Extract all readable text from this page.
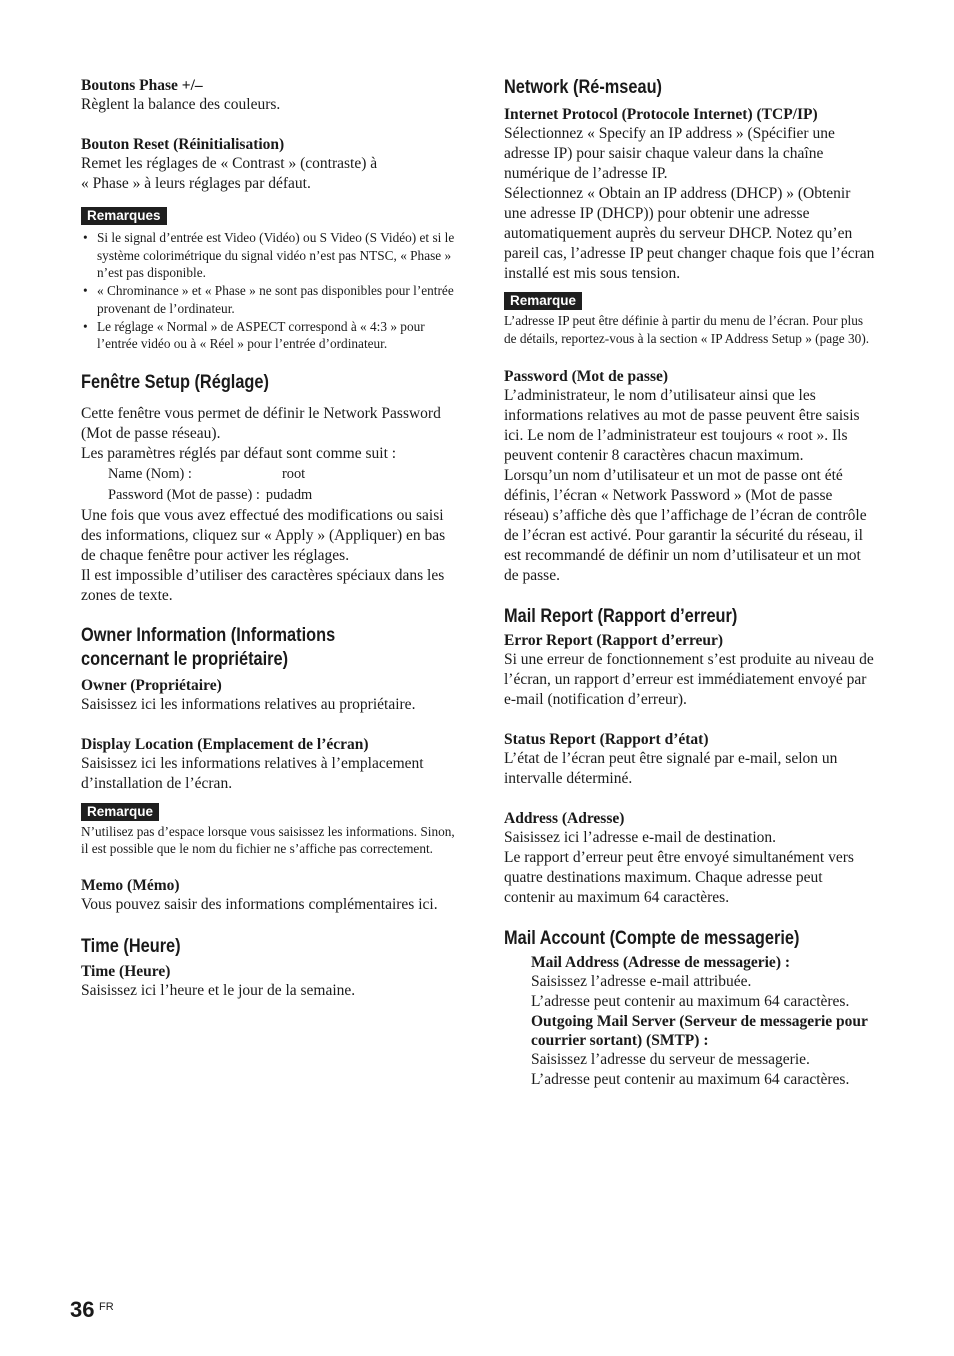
Boutons Phase +/–

Règlent la balance des couleurs.

Bouton Reset (Réinitialisation)

Remet les réglages de « Contrast » (contraste) à

« Phase » à leurs réglages par défaut.

Remarques
• Si le signal d’entrée est Video (Vidéo) ou S Video (S Vidéo) et si le système colorimétrique du signal vidéo n’est pas NTSC, « Phase » n’est pas disponible.
• « Chrominance » et « Phase » ne sont pas disponibles pour l’entrée provenant de l’ordinateur.
• Le réglage « Normal » de ASPECT correspond à « 4:3 » pour l’entrée vidéo ou à « Réel » pour l’entrée d’ordinateur.

Fenêtre Setup (Réglage)

Cette fenêtre vous permet de définir le Network Password (Mot de passe réseau).

Les paramètres réglés par défaut sont comme suit :

Name (Nom) :	root
Password (Mot de passe) : pudadm

Une fois que vous avez effectué des modifications ou saisi des informations, cliquez sur « Apply » (Appliquer) en bas de chaque fenêtre pour activer les réglages.

Il est impossible d’utiliser des caractères spéciaux dans les zones de texte.

Owner Information (Informations

concernant le propriétaire)

Owner (Propriétaire)

Saisissez ici les informations relatives au propriétaire.

Display Location (Emplacement de l’écran)

Saisissez ici les informations relatives à l’emplacement d’installation de l’écran.

Remarque

N’utilisez pas d’espace lorsque vous saisissez les informations. Sinon, il est possible que le nom du fichier ne s’affiche pas correctement.

Memo (Mémo)

Vous pouvez saisir des informations complémentaires ici.

Time (Heure)

Time (Heure)

Saisissez ici l’heure et le jour de la semaine.

Network (Ré-mseau)

Internet Protocol (Protocole Internet) (TCP/IP)

Sélectionnez « Specify an IP address » (Spécifier une adresse IP) pour saisir chaque valeur dans la chaîne numérique de l’adresse IP.

Sélectionnez « Obtain an IP address (DHCP) » (Obtenir une adresse IP (DHCP)) pour obtenir une adresse automatiquement auprès du serveur DHCP. Notez qu’en pareil cas, l’adresse IP peut changer chaque fois que l’écran installé est mis sous tension.

Remarque

L’adresse IP peut être définie à partir du menu de l’écran. Pour plus de détails, reportez-vous à la section « IP Address Setup » (page 30).

Password (Mot de passe)

L’administrateur, le nom d’utilisateur ainsi que les informations relatives au mot de passe peuvent être saisis ici. Le nom de l’administrateur est toujours « root ». Ils peuvent contenir 8 caractères chacun maximum.

Lorsqu’un nom d’utilisateur et un mot de passe ont été définis, l’écran « Network Password » (Mot de passe réseau) s’affiche dès que l’affichage de l’écran de contrôle de l’écran est activé. Pour garantir la sécurité du réseau, il est recommandé de définir un nom d’utilisateur et un mot de passe.

Mail Report (Rapport d’erreur)

Error Report (Rapport d’erreur)

Si une erreur de fonctionnement s’est produite au niveau de l’écran, un rapport d’erreur est immédiatement envoyé par e-mail (notification d’erreur).

Status Report (Rapport d’état)

L’état de l’écran peut être signalé par e-mail, selon un intervalle déterminé.

Address (Adresse)

Saisissez ici l’adresse e-mail de destination.

Le rapport d’erreur peut être envoyé simultanément vers quatre destinations maximum. Chaque adresse peut contenir au maximum 64 caractères.

Mail Account (Compte de messagerie)

Mail Address (Adresse de messagerie) :

Saisissez l’adresse e-mail attribuée.

L’adresse peut contenir au maximum 64 caractères.

Outgoing Mail Server (Serveur de messagerie pour courrier sortant) (SMTP) :

Saisissez l’adresse du serveur de messagerie.

L’adresse peut contenir au maximum 64 caractères.

36 FR
